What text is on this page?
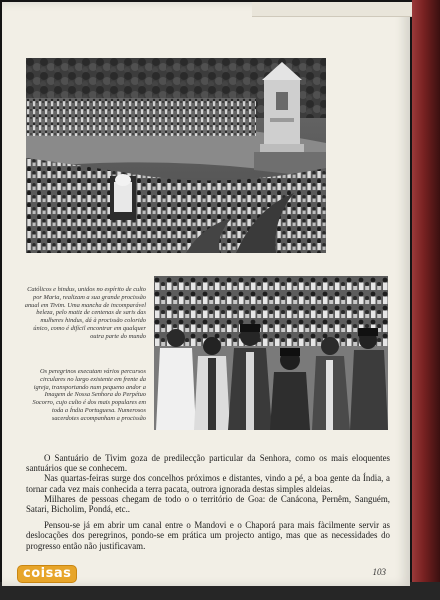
Católicos e hindus, unidos no espírito de culto por Maria, realizam a sua grande procissão anual em Tivim. Uma mancha de incomparável beleza, pelo matiz de centenas de saris das mulheres hindus, dá à procissão colorido único, como é difícil encontrar em qualquer outra parte do mundo
Os peregrinos executam vários percursos circulares no largo existente em frente da igreja, transportando num pequeno andor a Imagem de Nossa Senhora do Perpétuo Socorro, cujo culto é dos mais populares em toda a Índia Portuguesa. Numerosos sacerdotes acompanham a procissão

O Santuário de Tivim goza de predilecção particular da Senhora, como os mais eloquentes santuários que se conhecem.

Nas quartas-feiras surge dos concelhos próximos e distantes, vindo a pé, a boa gente da Índia, a tornar cada vez mais conhecida a terra pacata, outrora ignorada destas simples aldeias.

Milhares de pessoas chegam de todo o o território de Goa: de Canácona, Pernêm, Sanguém, Satari, Bicholim, Pondá, etc..

Pensou-se já em abrir um canal entre o Mandovi e o Chaporá para mais fàcilmente servir as deslocações dos peregrinos, pondo-se em prática um projecto antigo, mas que as necessidades do progresso então não justificavam.

103
coisas
